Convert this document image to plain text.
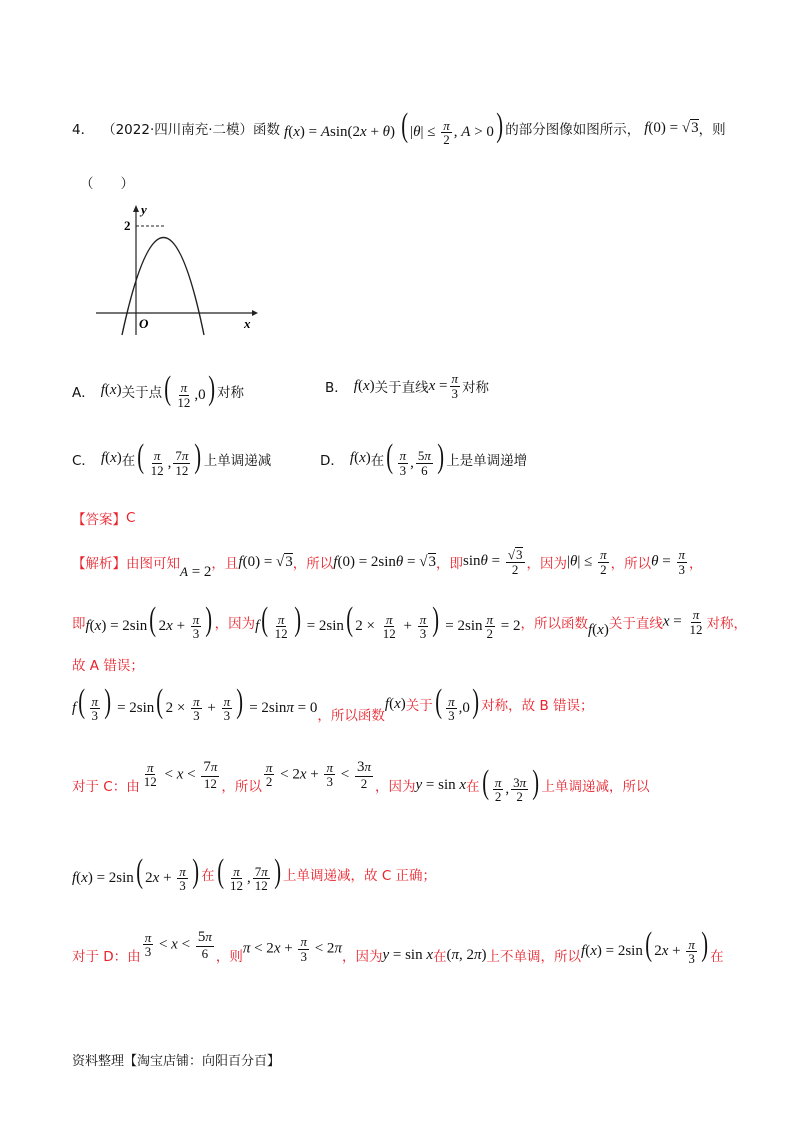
4． （2022·四川南充·二模） 函数 f(x) = Asin(2x + θ) ( $|\theta| \le \frac{\pi}{2}$ , A > 0) 的部分图像如图所示， f(0) = √3 ，则
（　　）
y
x
O
2
A． f(x) 关于点 ( $\frac{\pi}{12} ,0$) 对称	B． f(x) 关于直线 $x = \frac{\pi}{3}$ 对称
C． f(x) 在 ( $\frac{\pi}{12}$ , $\frac{7\pi}{12}$ ) 上单调递减	D． f(x) 在 ( $\frac{\pi}{3}$ , $\frac{5\pi}{6}$ ) 上是单调递增
【答案】 C
【解析】 由图可知 A = 2 ，且 f(0) = √3 ，所以 f(0) = 2sinθ = √3 ，即 $\sin\theta = \frac{√3}{2}$ ，因为 $|\theta| \le \frac{\pi}{2}$ ，所以 $\theta = \frac{\pi}{3}$ ，
即 f(x) = 2sin( $2x + \frac{\pi}{3}$ ) ，因为 $f( \frac{\pi}{12}$ ) = 2sin( $2 \times \frac{\pi}{12} + \frac{\pi}{3}$ ) = $2\sin \frac{\pi}{2} = 2$ ，所以函数 f(x) 关于直线 $x = \frac{\pi}{12}$ 对称，
故 A 错误；
$f( \frac{\pi}{3}$ ) = 2sin( $2 \times \frac{\pi}{3} + \frac{\pi}{3}$ ) = 2sinπ = 0 ，所以函数
f(x) 关于 ( $\frac{\pi}{3} ,0$) 对称，故 B 错误；
对于 C：由 $\frac{\pi}{12} < x < \frac{7\pi}{12}$ ，所以 $\frac{\pi}{2} < 2x + \frac{\pi}{3} < \frac{3\pi}{2}$ ，因为 y = sin x 在 ( $\frac{\pi}{2}$ , $\frac{3\pi}{2}$ ) 上单调递减，所以
f(x) = 2sin( $2x + \frac{\pi}{3}$ ) 在 ( $\frac{\pi}{12}$ , $\frac{7\pi}{12}$ ) 上单调递减，故 C 正确；
对于 D：由 $\frac{\pi}{3} < x < \frac{5\pi}{6}$ ，则
$\pi < 2x + \frac{\pi}{3} < 2\pi$
，因为 y = sin x 在 (π, 2π) 上不单调，所以 f(x) = 2sin( $2x + \frac{\pi}{3}$ ) 在
资料整理【淘宝店铺：向阳百分百】
